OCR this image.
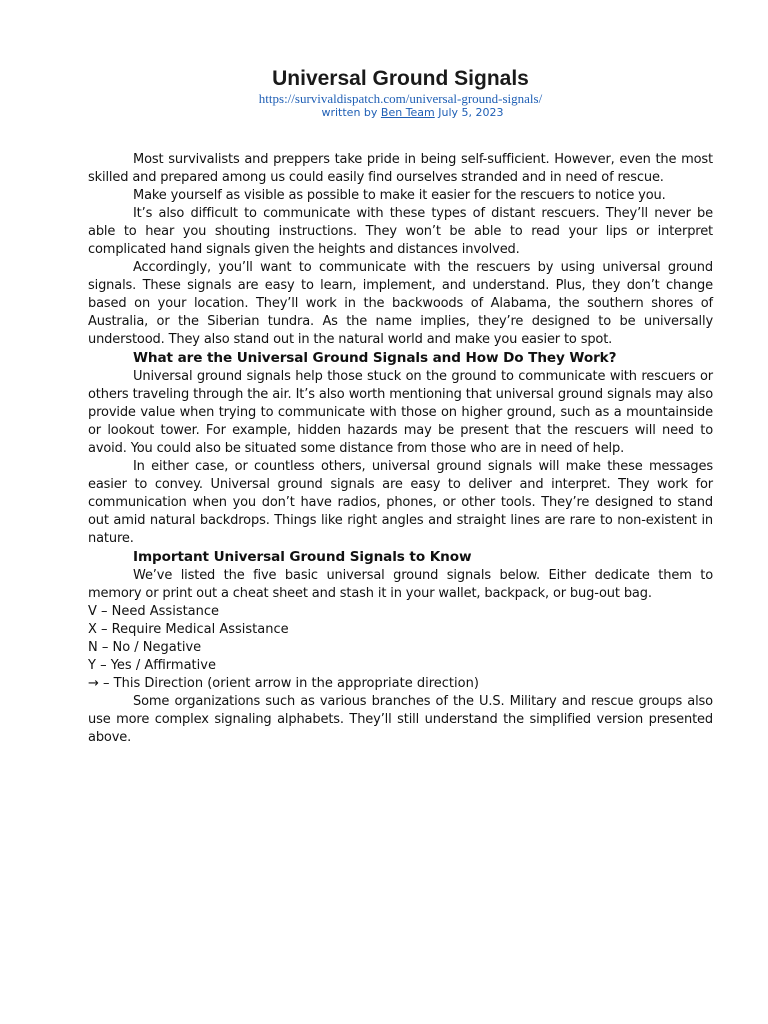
Universal Ground Signals

https://survivaldispatch.com/universal-ground-signals/

written by Ben Team July 5, 2023

Most survivalists and preppers take pride in being self-sufficient. However, even the most skilled and prepared among us could easily find ourselves stranded and in need of rescue.

Make yourself as visible as possible to make it easier for the rescuers to notice you.

It’s also difficult to communicate with these types of distant rescuers. They’ll never be able to hear you shouting instructions. They won’t be able to read your lips or interpret complicated hand signals given the heights and distances involved.

Accordingly, you’ll want to communicate with the rescuers by using universal ground signals. These signals are easy to learn, implement, and understand. Plus, they don’t change based on your location. They’ll work in the backwoods of Alabama, the southern shores of Australia, or the Siberian tundra. As the name implies, they’re designed to be universally understood. They also stand out in the natural world and make you easier to spot.

What are the Universal Ground Signals and How Do They Work?

Universal ground signals help those stuck on the ground to communicate with rescuers or others traveling through the air. It’s also worth mentioning that universal ground signals may also provide value when trying to communicate with those on higher ground, such as a mountainside or lookout tower. For example, hidden hazards may be present that the rescuers will need to avoid. You could also be situated some distance from those who are in need of help.

In either case, or countless others, universal ground signals will make these messages easier to convey. Universal ground signals are easy to deliver and interpret. They work for communication when you don’t have radios, phones, or other tools. They’re designed to stand out amid natural backdrops. Things like right angles and straight lines are rare to non-existent in nature.

Important Universal Ground Signals to Know

We’ve listed the five basic universal ground signals below. Either dedicate them to memory or print out a cheat sheet and stash it in your wallet, backpack, or bug-out bag.

V – Need Assistance

X – Require Medical Assistance

N – No / Negative

Y – Yes / Affirmative

→ – This Direction (orient arrow in the appropriate direction)

Some organizations such as various branches of the U.S. Military and rescue groups also use more complex signaling alphabets. They’ll still understand the simplified version presented above.
